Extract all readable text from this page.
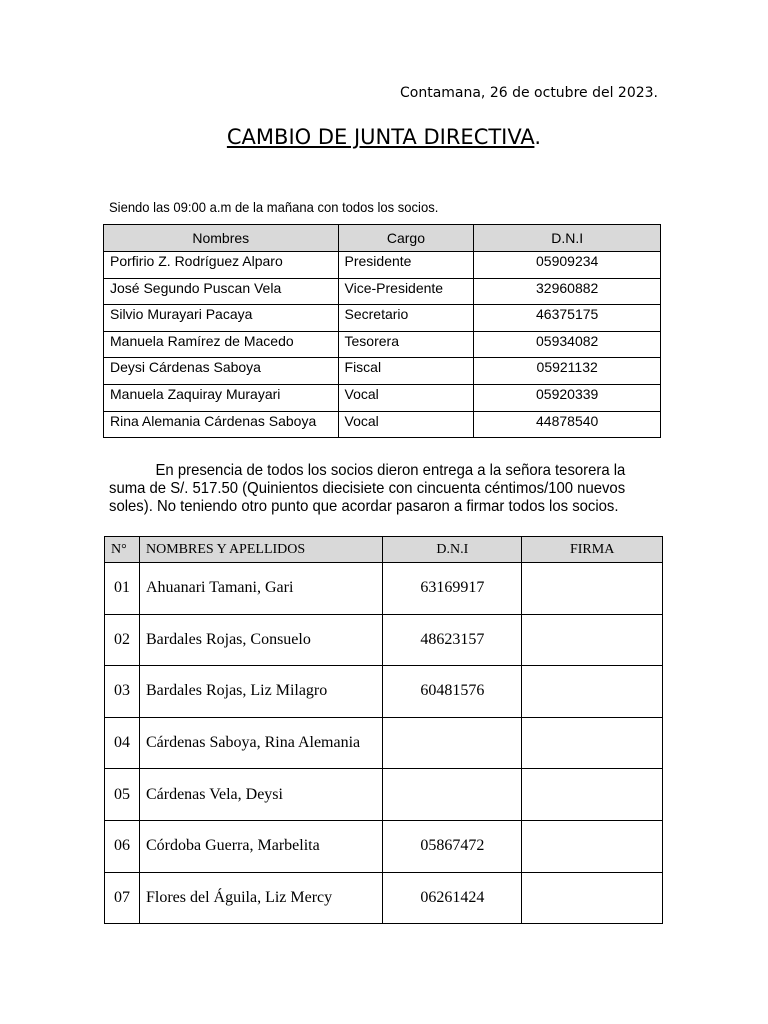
Contamana, 26 de octubre del 2023.
CAMBIO DE JUNTA DIRECTIVA.
Siendo las 09:00 a.m de la mañana con todos los socios.
Nombres	Cargo	D.N.I
Porfirio Z. Rodríguez Alparo	Presidente	05909234
José Segundo Puscan Vela	Vice-Presidente	32960882
Silvio Murayari Pacaya	Secretario	46375175
Manuela Ramírez de Macedo	Tesorera	05934082
Deysi Cárdenas Saboya	Fiscal	05921132
Manuela Zaquiray Murayari	Vocal	05920339
Rina Alemania Cárdenas Saboya	Vocal	44878540
En presencia de todos los socios dieron entrega a la señora tesorera la suma de S/. 517.50 (Quinientos diecisiete con cincuenta céntimos/100 nuevos soles). No teniendo otro punto que acordar pasaron a firmar todos los socios.
N°	NOMBRES Y APELLIDOS	D.N.I	FIRMA
01	Ahuanari Tamani, Gari	63169917	
02	Bardales Rojas, Consuelo	48623157	
03	Bardales Rojas, Liz Milagro	60481576	
04	Cárdenas Saboya, Rina Alemania		
05	Cárdenas Vela, Deysi		
06	Córdoba Guerra, Marbelita	05867472	
07	Flores del Águila, Liz Mercy	06261424	
